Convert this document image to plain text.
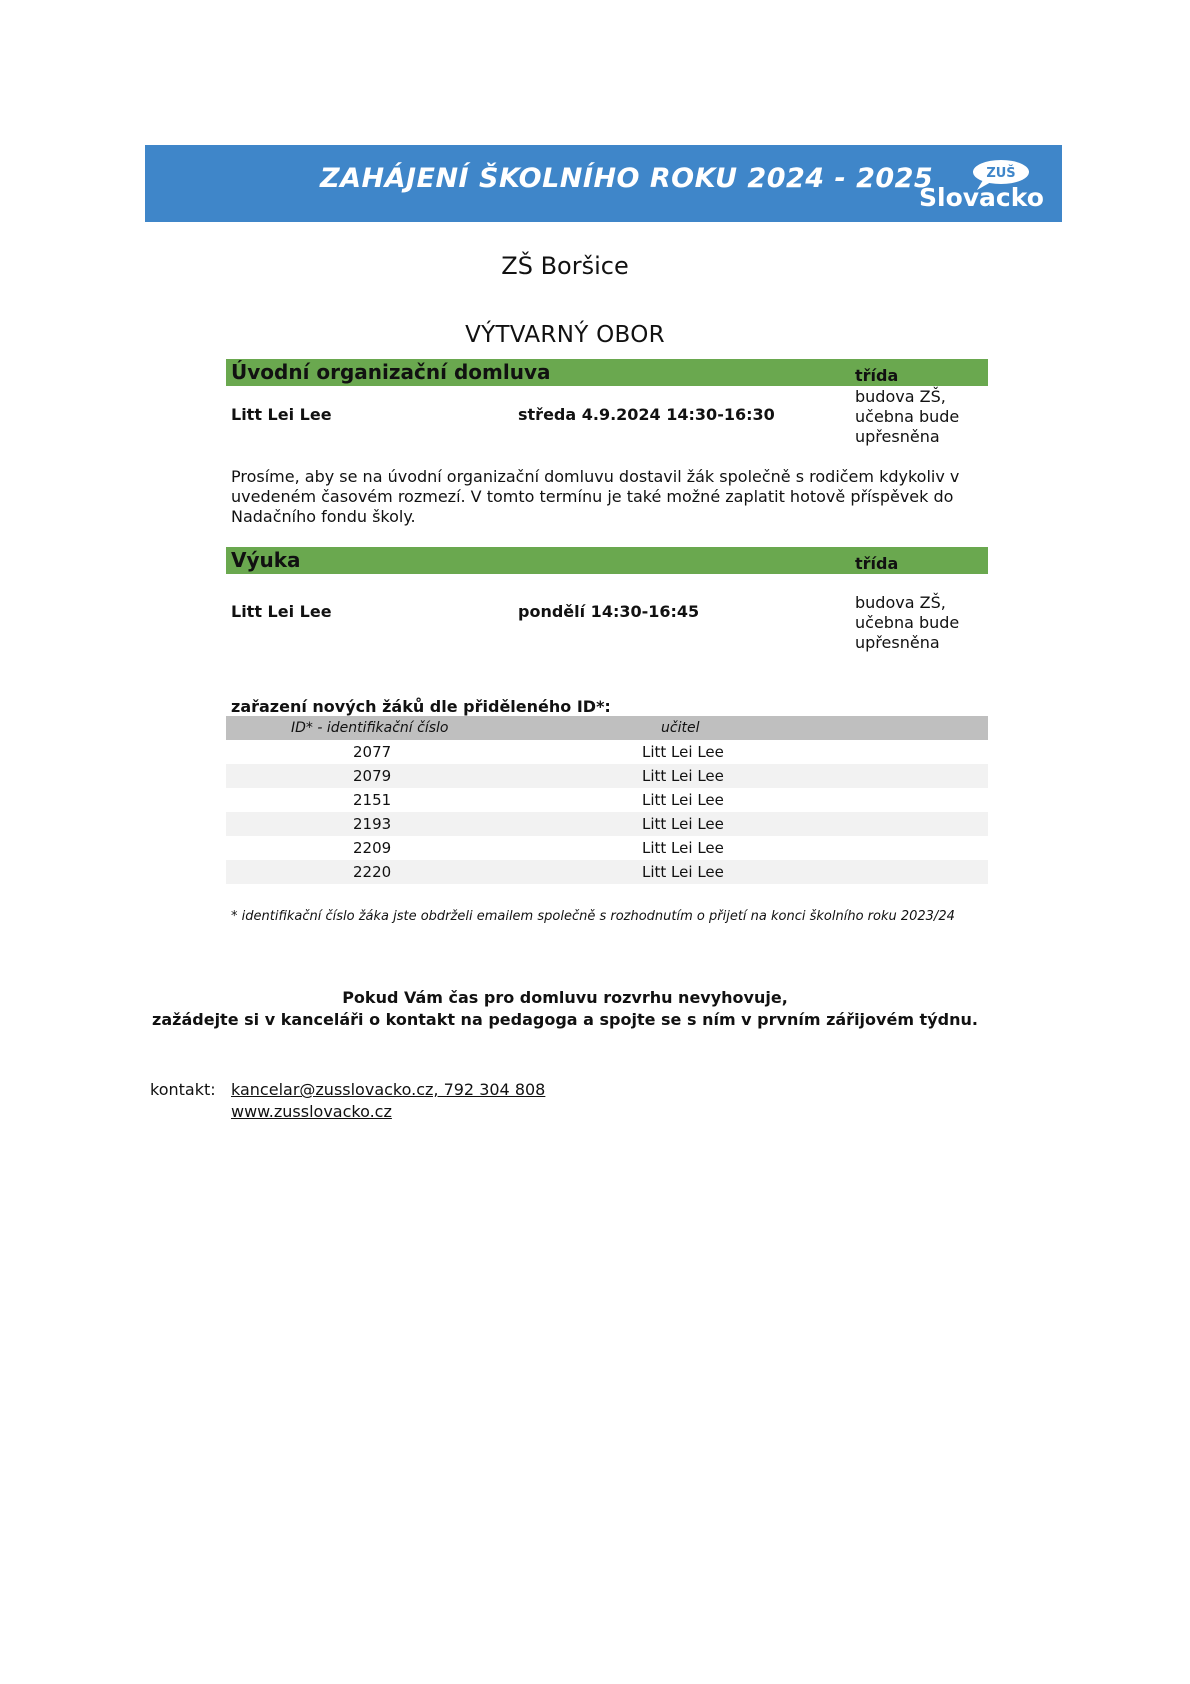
ZAHÁJENÍ ŠKOLNÍHO ROKU 2024 - 2025	ZUŠ
Slovacko
ZŠ Boršice
VÝTVARNÝ OBOR
Úvodní organizační domluva	třída
Litt Lei Lee	středa 4.9.2024 14:30-16:30
budova ZŠ, učebna bude upřesněna
Prosíme, aby se na úvodní organizační domluvu dostavil žák společně s rodičem kdykoliv v uvedeném časovém rozmezí. V tomto termínu je také možné zaplatit hotově příspěvek do Nadačního fondu školy.
Výuka	třída
Litt Lei Lee	pondělí 14:30-16:45	budova ZŠ, učebna bude upřesněna
zařazení nových žáků dle přiděleného ID*:
ID* - identifikační číslo	učitel
2077	Litt Lei Lee
2079	Litt Lei Lee
2151	Litt Lei Lee
2193	Litt Lei Lee
2209	Litt Lei Lee
2220	Litt Lei Lee
* identifikační číslo žáka jste obdrželi emailem společně s rozhodnutím o přijetí na konci školního roku 2023/24
Pokud Vám čas pro domluvu rozvrhu nevyhovuje,
zažádejte si v kanceláři o kontakt na pedagoga a spojte se s ním v prvním zářijovém týdnu.
kontakt: kancelar@zusslovacko.cz, 792 304 808
www.zusslovacko.cz
